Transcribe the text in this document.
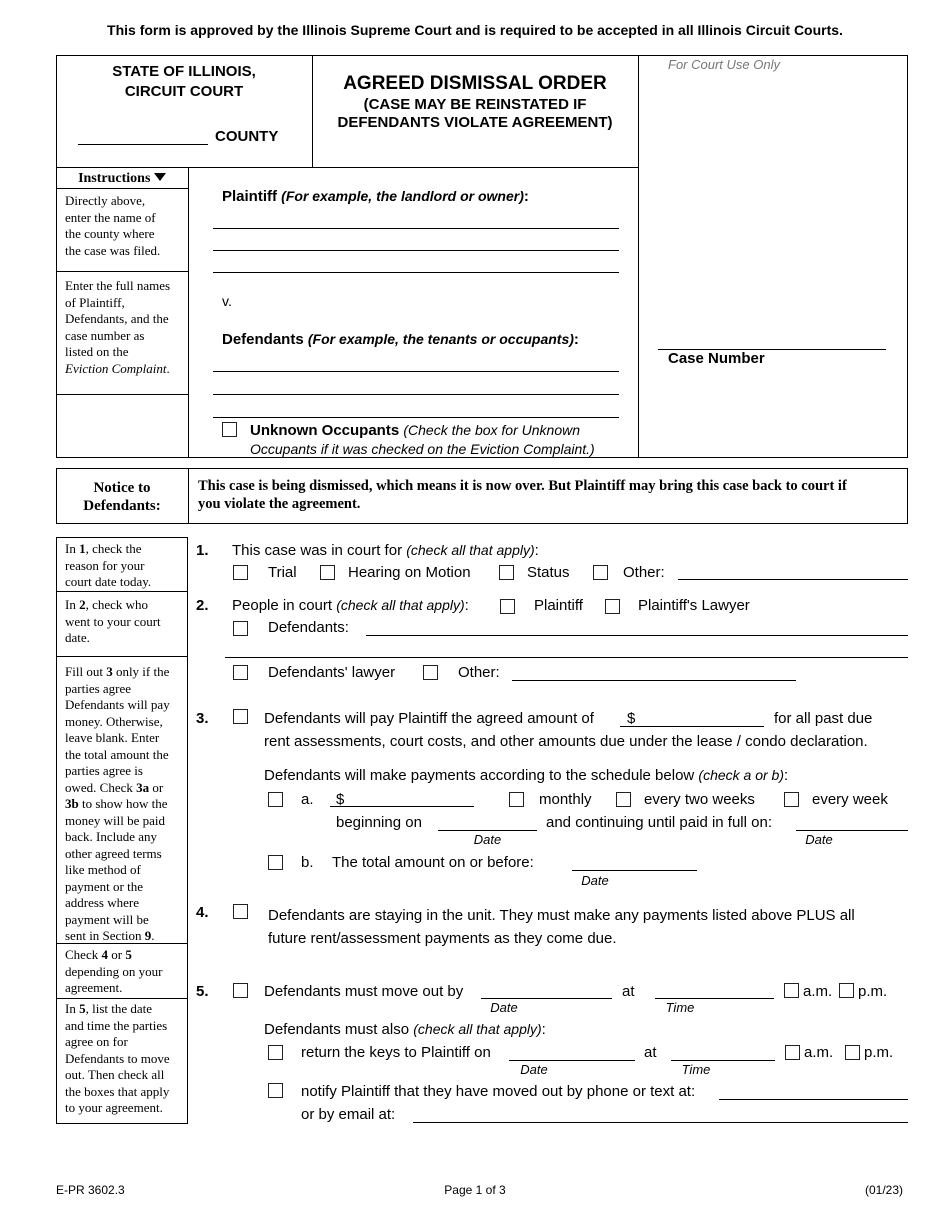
This form is approved by the Illinois Supreme Court and is required to be accepted in all Illinois Circuit Courts.
STATE OF ILLINOIS,
CIRCUIT COURT
COUNTY
AGREED DISMISSAL ORDER
(CASE MAY BE REINSTATED IF
DEFENDANTS VIOLATE AGREEMENT)
For Court Use Only
Case Number
Instructions
Directly above,
enter the name of
the county where
the case was filed.
Enter the full names
of Plaintiff,
Defendants, and the
case number as
listed on the
Eviction Complaint.
Plaintiff (For example, the landlord or owner):
v.
Defendants (For example, the tenants or occupants):
Unknown Occupants (Check the box for Unknown
Occupants if it was checked on the Eviction Complaint.)
Notice to
Defendants:
This case is being dismissed, which means it is now over. But Plaintiff may bring this case back to court if
you violate the agreement.
In 1, check the
reason for your
court date today.
In 2, check who
went to your court
date.
Fill out 3 only if the
parties agree
Defendants will pay
money. Otherwise,
leave blank. Enter
the total amount the
parties agree is
owed. Check 3a or
3b to show how the
money will be paid
back. Include any
other agreed terms
like method of
payment or the
address where
payment will be
sent in Section 9.
Check 4 or 5
depending on your
agreement.
In 5, list the date
and time the parties
agree on for
Defendants to move
out. Then check all
the boxes that apply
to your agreement.
1. This case was in court for (check all that apply):
Trial	Hearing on Motion	Status	Other:
2. People in court (check all that apply):	Plaintiff	Plaintiff's Lawyer
Defendants:
Defendants' lawyer	Other:
3.	Defendants will pay Plaintiff the agreed amount of $	for all past due
rent assessments, court costs, and other amounts due under the lease / condo declaration.
Defendants will make payments according to the schedule below (check a or b):
a. $	monthly	every two weeks	every week
beginning on
Date
and continuing until paid in full on:
Date
b. The total amount on or before:
Date
4.	Defendants are staying in the unit. They must make any payments listed above PLUS all
future rent/assessment payments as they come due.
5.	Defendants must move out by
Date
at
Time
a.m. p.m.
Defendants must also (check all that apply):
return the keys to Plaintiff on
Date
at
Time
a.m. p.m.
notify Plaintiff that they have moved out by phone or text at:
or by email at:
E-PR 3602.3	Page 1 of 3	(01/23)
